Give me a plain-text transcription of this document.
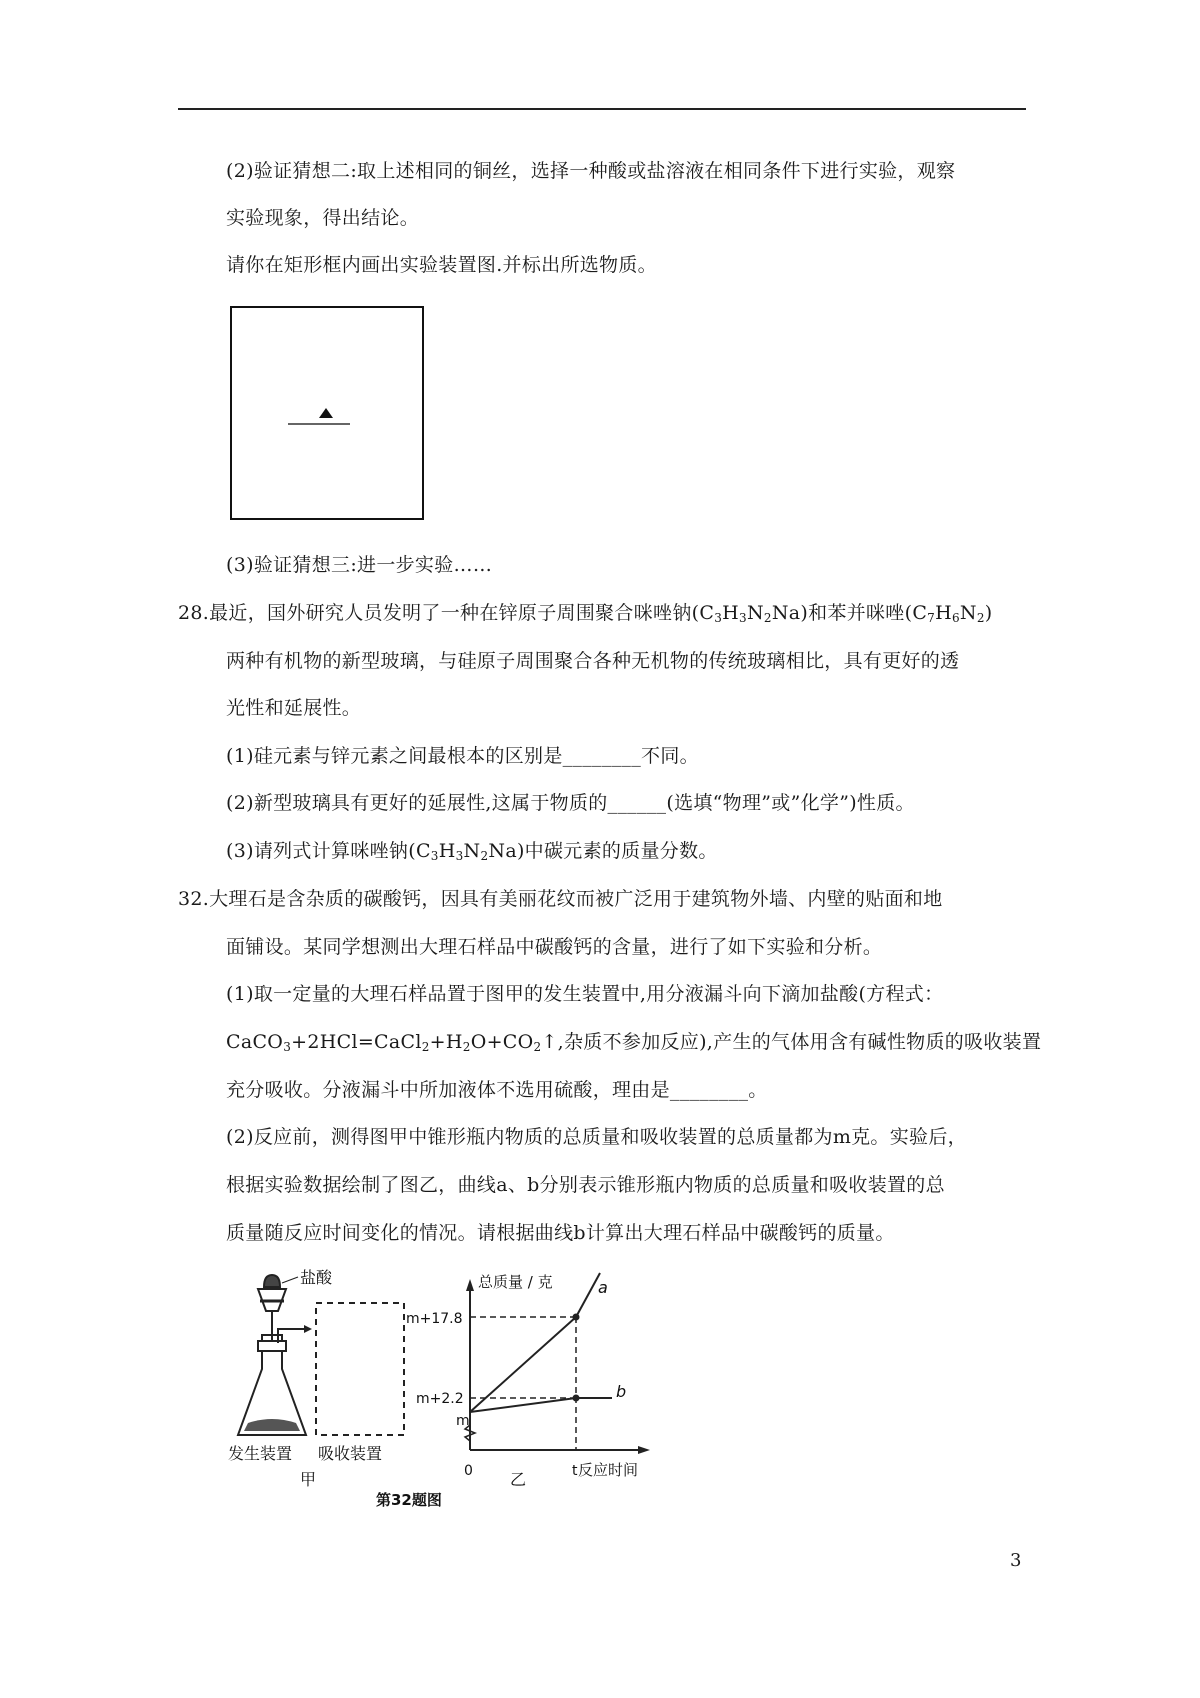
(2)验证猜想二:取上述相同的铜丝，选择一种酸或盐溶液在相同条件下进行实验，观察
实验现象，得出结论。
请你在矩形框内画出实验装置图.并标出所选物质。
(3)验证猜想三:进一步实验……
28.最近，国外研究人员发明了一种在锌原子周围聚合咪唑钠$(C_3H_3N_2Na)$和苯并咪唑$(C_7H_6N_2)$
两种有机物的新型玻璃，与硅原子周围聚合各种无机物的传统玻璃相比，具有更好的透
光性和延展性。
(1)硅元素与锌元素之间最根本的区别是________不同。
(2)新型玻璃具有更好的延展性,这属于物质的______(选填“物理”或”化学”)性质。
(3)请列式计算咪唑钠$(C_3H_3N_2Na)$中碳元素的质量分数。
32.大理石是含杂质的碳酸钙，因具有美丽花纹而被广泛用于建筑物外墙、内壁的贴面和地
面铺设。某同学想测出大理石样品中碳酸钙的含量，进行了如下实验和分析。
(1)取一定量的大理石样品置于图甲的发生装置中,用分液漏斗向下滴加盐酸(方程式：
$CaCO_3+2HCl=CaCl_2+H_2O+CO_2↑$,杂质不参加反应),产生的气体用含有碱性物质的吸收装置
充分吸收。分液漏斗中所加液体不选用硫酸，理由是________。
(2)反应前，测得图甲中锥形瓶内物质的总质量和吸收装置的总质量都为m克。实验后，
根据实验数据绘制了图乙，曲线a、b分别表示锥形瓶内物质的总质量和吸收装置的总
质量随反应时间变化的情况。请根据曲线b计算出大理石样品中碳酸钙的质量。
盐酸
发生装置 吸收装置
甲
总质量 / 克
反应时间
0	t
乙
m+17.8
m+2.2
m
a
b
第32题图
3
